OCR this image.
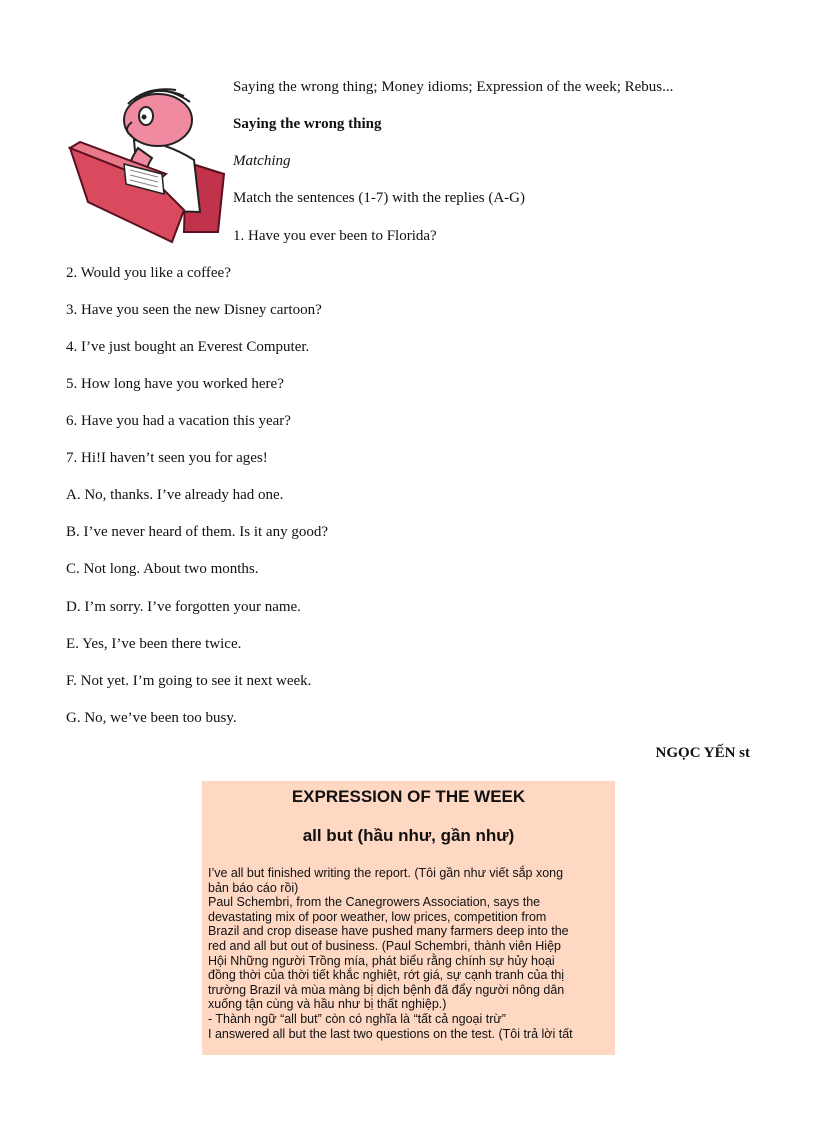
Saying the wrong thing; Money idioms; Expression of the week; Rebus...
Saying the wrong thing
Matching
Match the sentences (1-7) with the replies (A-G)
1. Have you ever been to Florida?
2. Would you like a coffee?
3. Have you seen the new Disney cartoon?
4. I’ve just bought an Everest Computer.
5. How long have you worked here?
6. Have you had a vacation this year?
7. Hi!I haven’t seen you for ages!
A. No, thanks. I’ve already had one.
B. I’ve never heard of them. Is it any good?
C. Not long. About two months.
D. I’m sorry. I’ve forgotten your name.
E. Yes, I’ve been there twice.
F. Not yet. I’m going to see it next week.
G. No, we’ve been too busy.
NGỌC YẾN st
EXPRESSION OF THE WEEK
all but (hầu như, gần như)
I’ve all but finished writing the report. (Tôi gần như viết sắp xong
bản báo cáo rồi)
Paul Schembri, from the Canegrowers Association, says the
devastating mix of poor weather, low prices, competition from
Brazil and crop disease have pushed many farmers deep into the
red and all but out of business. (Paul Schembri, thành viên Hiệp
Hội Những người Trồng mía, phát biểu rằng chính sự hủy hoại
đồng thời của thời tiết khắc nghiệt, rớt giá, sự cạnh tranh của thị
trường Brazil và mùa màng bị dịch bệnh đã đẩy người nông dân
xuống tận cùng và hầu như bị thất nghiệp.)
- Thành ngữ “all but” còn có nghĩa là “tất cả ngoại trừ”
I answered all but the last two questions on the test. (Tôi trả lời tất
